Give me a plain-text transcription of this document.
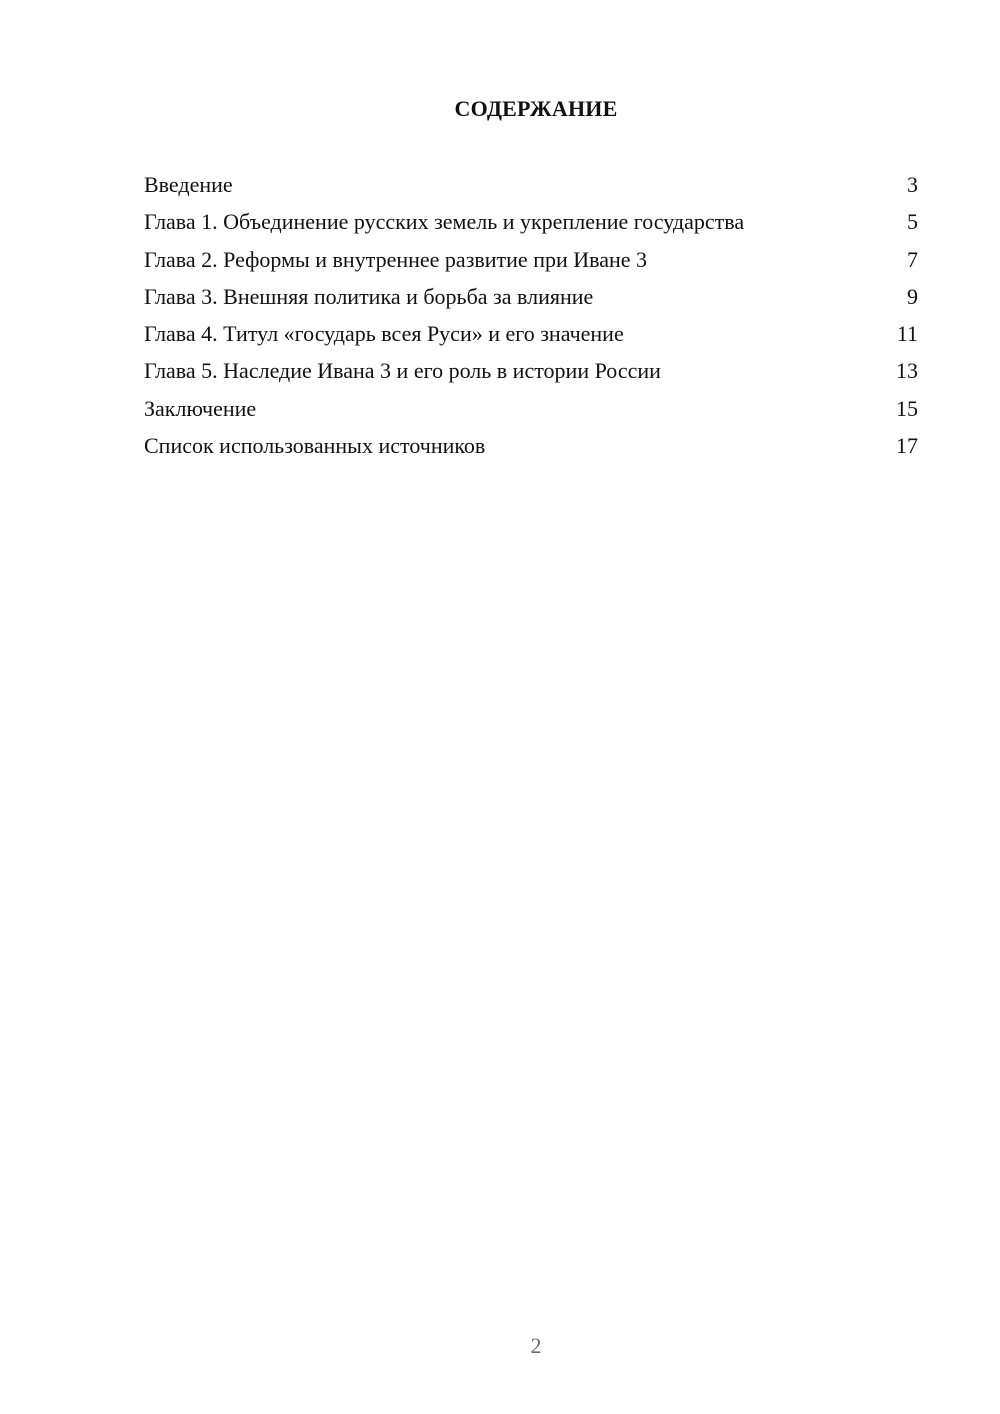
СОДЕРЖАНИЕ
Введение	3
Глава 1. Объединение русских земель и укрепление государства	5
Глава 2. Реформы и внутреннее развитие при Иване 3	7
Глава 3. Внешняя политика и борьба за влияние	9
Глава 4. Титул «государь всея Руси» и его значение	11
Глава 5. Наследие Ивана 3 и его роль в истории России	13
Заключение	15
Список использованных источников	17
2
